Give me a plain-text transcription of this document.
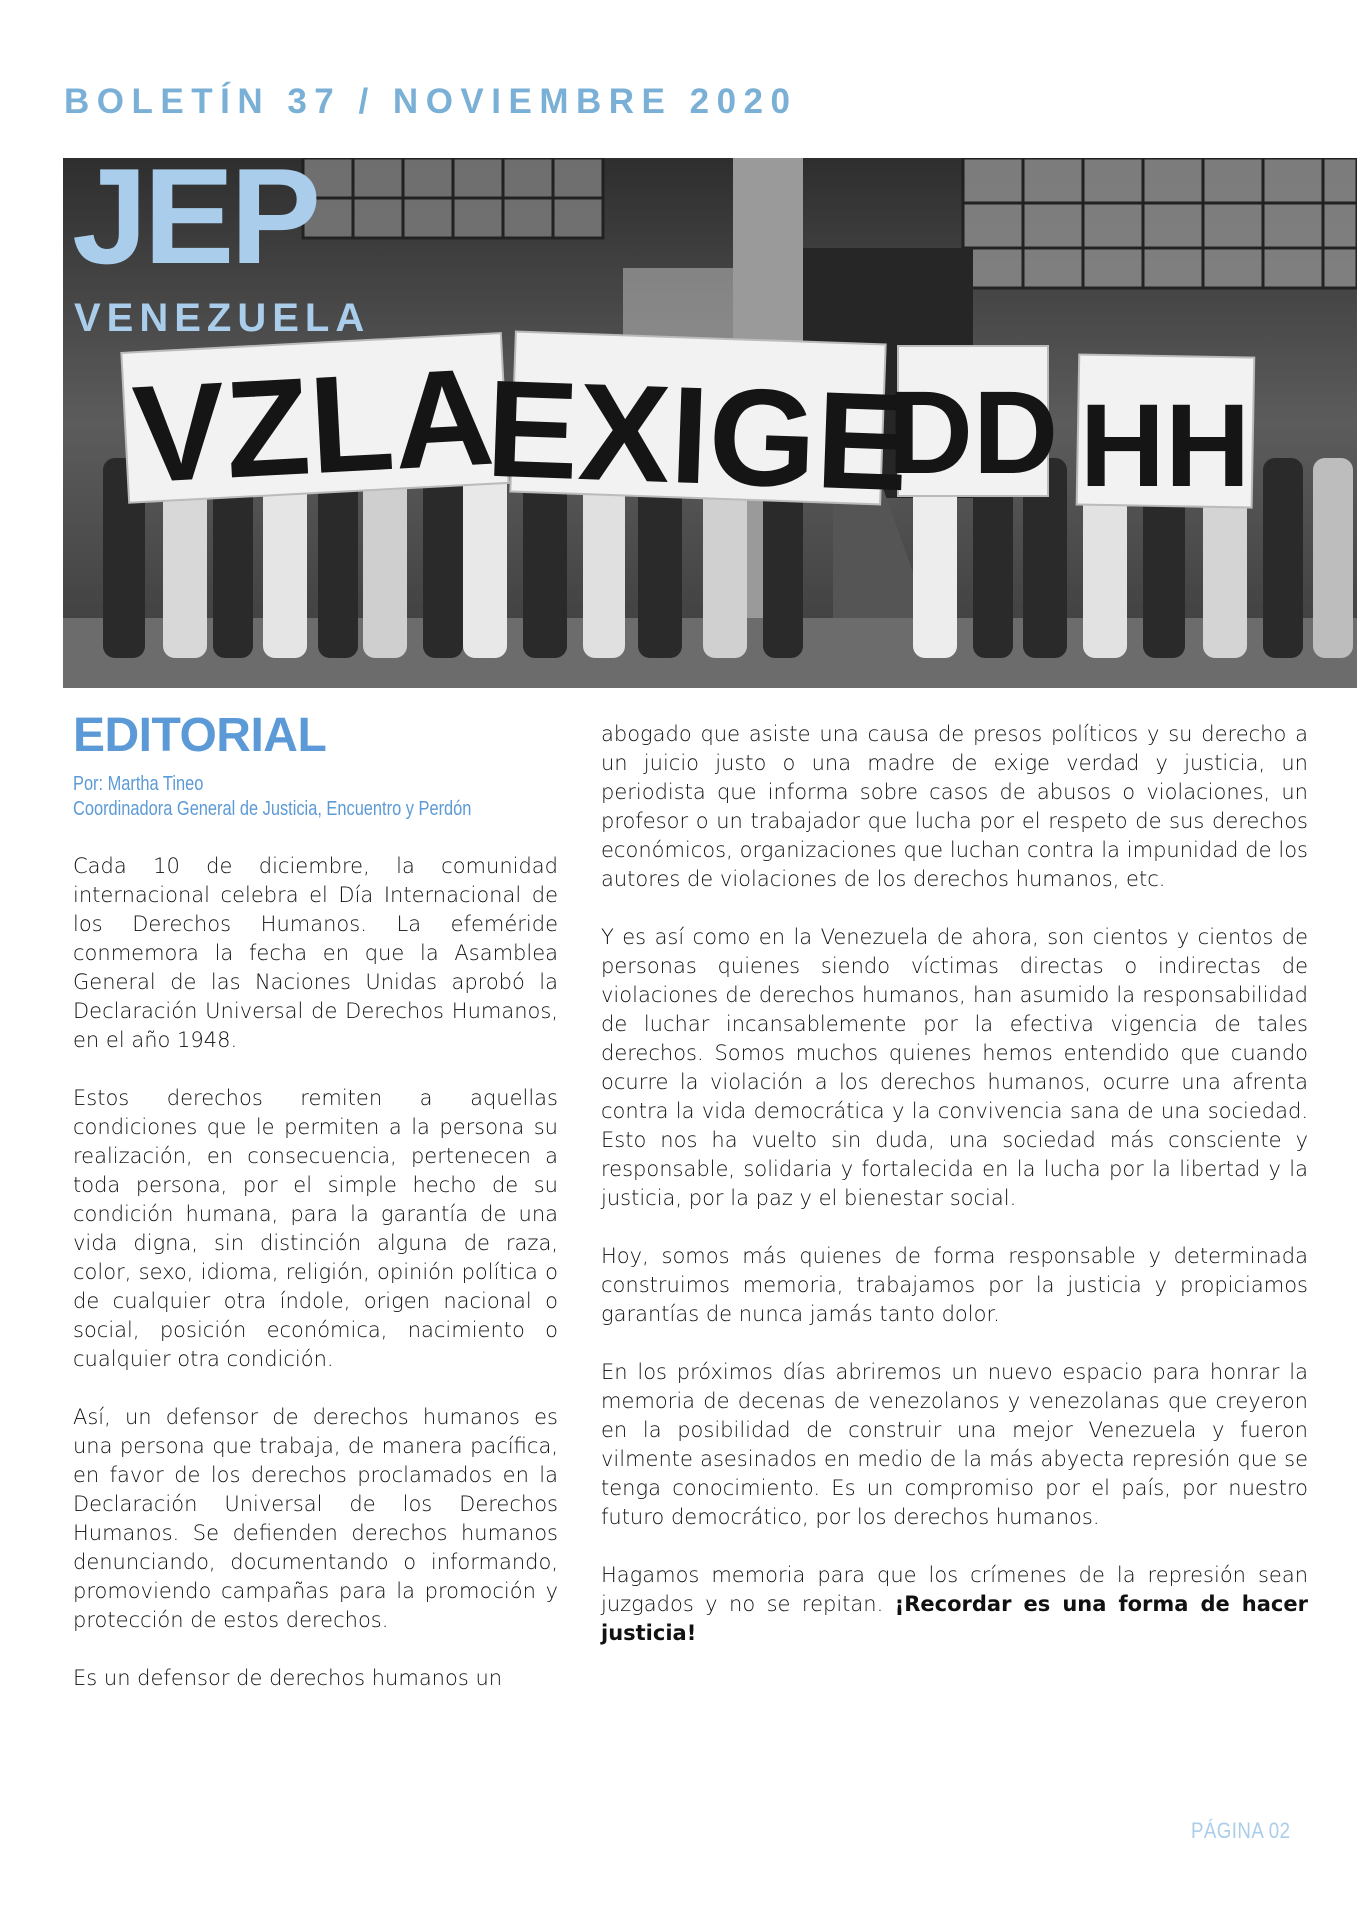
BOLETÍN 37 / NOVIEMBRE 2020
VZLA
EXIGE
DD HH
JEP
VENEZUELA
EDITORIAL
Por: Martha Tineo
Coordinadora General de Justicia, Encuentro y Perdón

Cada 10 de diciembre, la comunidad internacional celebra el Día Internacional de los Derechos Humanos. La efeméride conmemora la fecha en que la Asamblea General de las Naciones Unidas aprobó la Declaración Universal de Derechos Humanos, en el año 1948.

Estos derechos remiten a aquellas condiciones que le permiten a la persona su realización, en consecuencia, pertenecen a toda persona, por el simple hecho de su condición humana, para la garantía de una vida digna, sin distinción alguna de raza, color, sexo, idioma, religión, opinión política o de cualquier otra índole, origen nacional o social, posición económica, nacimiento o cualquier otra condición.

Así, un defensor de derechos humanos es una persona que trabaja, de manera pacífica, en favor de los derechos proclamados en la Declaración Universal de los Derechos Humanos. Se defienden derechos humanos denunciando, documentando o informando, promoviendo campañas para la promoción y protección de estos derechos.

Es un defensor de derechos humanos un

abogado que asiste una causa de presos políticos y su derecho a un juicio justo o una madre de exige verdad y justicia, un periodista que informa sobre casos de abusos o violaciones, un profesor o un trabajador que lucha por el respeto de sus derechos económicos, organizaciones que luchan contra la impunidad de los autores de violaciones de los derechos humanos, etc.

Y es así como en la Venezuela de ahora, son cientos y cientos de personas quienes siendo víctimas directas o indirectas de violaciones de derechos humanos, han asumido la responsabilidad de luchar incansablemente por la efectiva vigencia de tales derechos. Somos muchos quienes hemos entendido que cuando ocurre la violación a los derechos humanos, ocurre una afrenta contra la vida democrática y la convivencia sana de una sociedad. Esto nos ha vuelto sin duda, una sociedad más consciente y responsable, solidaria y fortalecida en la lucha por la libertad y la justicia, por la paz y el bienestar social.

Hoy, somos más quienes de forma responsable y determinada construimos memoria, trabajamos por la justicia y propiciamos garantías de nunca jamás tanto dolor.

En los próximos días abriremos un nuevo espacio para honrar la memoria de decenas de venezolanos y venezolanas que creyeron en la posibilidad de construir una mejor Venezuela y fueron vilmente asesinados en medio de la más abyecta represión que se tenga conocimiento. Es un compromiso por el país, por nuestro futuro democrático, por los derechos humanos.

Hagamos memoria para que los crímenes de la represión sean juzgados y no se repitan. ¡Recordar es una forma de hacer justicia!

PÁGINA 02
